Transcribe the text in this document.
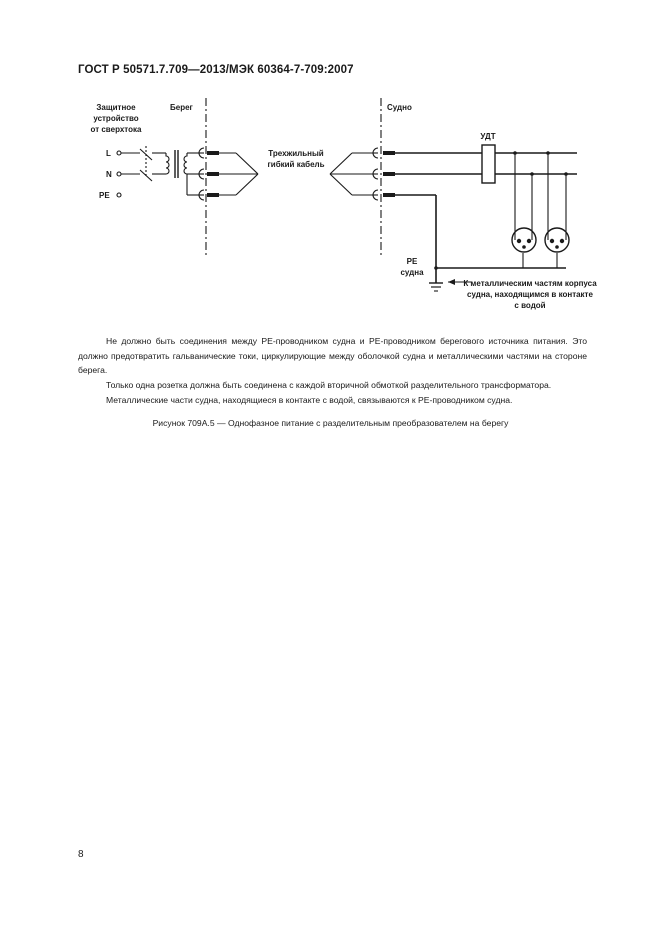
ГОСТ Р 50571.7.709—2013/МЭК 60364-7-709:2007
Защитное
устройство
от сверхтока
Берег	Судно
L
N
PE
Трехжильный
гибкий кабель
УДТ
PE
судна
К металлическим частям корпуса
судна, находящимся в контакте
с водой

Не должно быть соединения между PE-проводником судна и PE-проводником берегового источника питания. Это должно предотвратить гальванические токи, циркулирующие между оболочкой судна и металлическими частями на стороне берега.

Только одна розетка должна быть соединена с каждой вторичной обмоткой разделительного трансформатора.

Металлические части судна, находящиеся в контакте с водой, связываются к PE-проводником судна.

Рисунок 709А.5 — Однофазное питание с разделительным преобразователем на берегу
8
